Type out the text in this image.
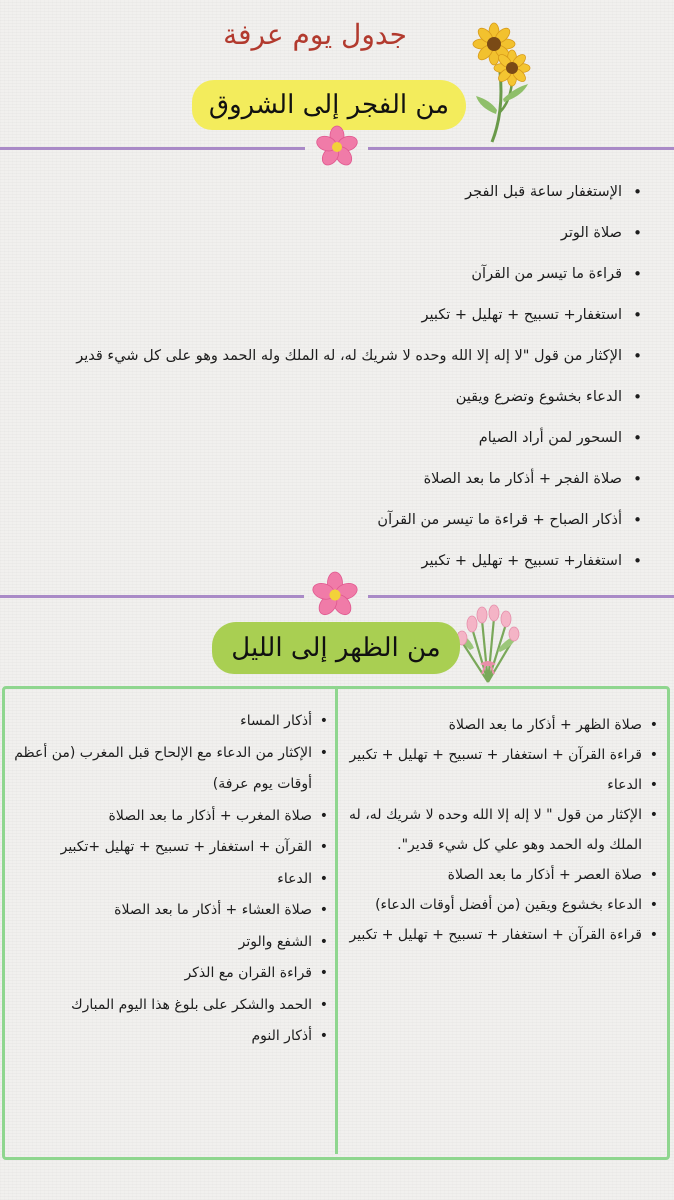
جدول يوم عرفة
من الفجر إلى الشروق
• الإستغفار ساعة قبل الفجر
• صلاة الوتر
• قراءة ما تيسر من القرآن
• استغفار+ تسبيح + تهليل + تكبير
• الإكثار من قول "لا إله إلا الله وحده لا شريك له، له الملك وله الحمد وهو على كل شيء قدير
• الدعاء بخشوع وتضرع ويقين
• السحور لمن أراد الصيام
• صلاة الفجر + أذكار ما بعد الصلاة
• أذكار الصباح + قراءة ما تيسر من القرآن
• استغفار+ تسبيح + تهليل + تكبير
من الظهر إلى الليل
• صلاة الظهر + أذكار ما بعد الصلاة
• قراءة القرآن + استغفار + تسبيح + تهليل + تكبير
• الدعاء
• الإكثار من قول " لا إله إلا الله وحده لا شريك له، له الملك وله الحمد وهو علي كل شيء قدير".
• صلاة العصر + أذكار ما بعد الصلاة
• الدعاء بخشوع ويقين (من أفضل أوقات الدعاء)
• قراءة القرآن + استغفار + تسبيح + تهليل + تكبير
• أذكار المساء
• الإكثار من الدعاء مع الإلحاح قبل المغرب (من أعظم أوقات يوم عرفة)
• صلاة المغرب + أذكار ما بعد الصلاة
• القرآن + استغفار + تسبيح + تهليل +تكبير
• الدعاء
• صلاة العشاء + أذكار ما بعد الصلاة
• الشفع والوتر
• قراءة القران مع الذكر
• الحمد والشكر على بلوغ هذا اليوم المبارك
• أذكار النوم
